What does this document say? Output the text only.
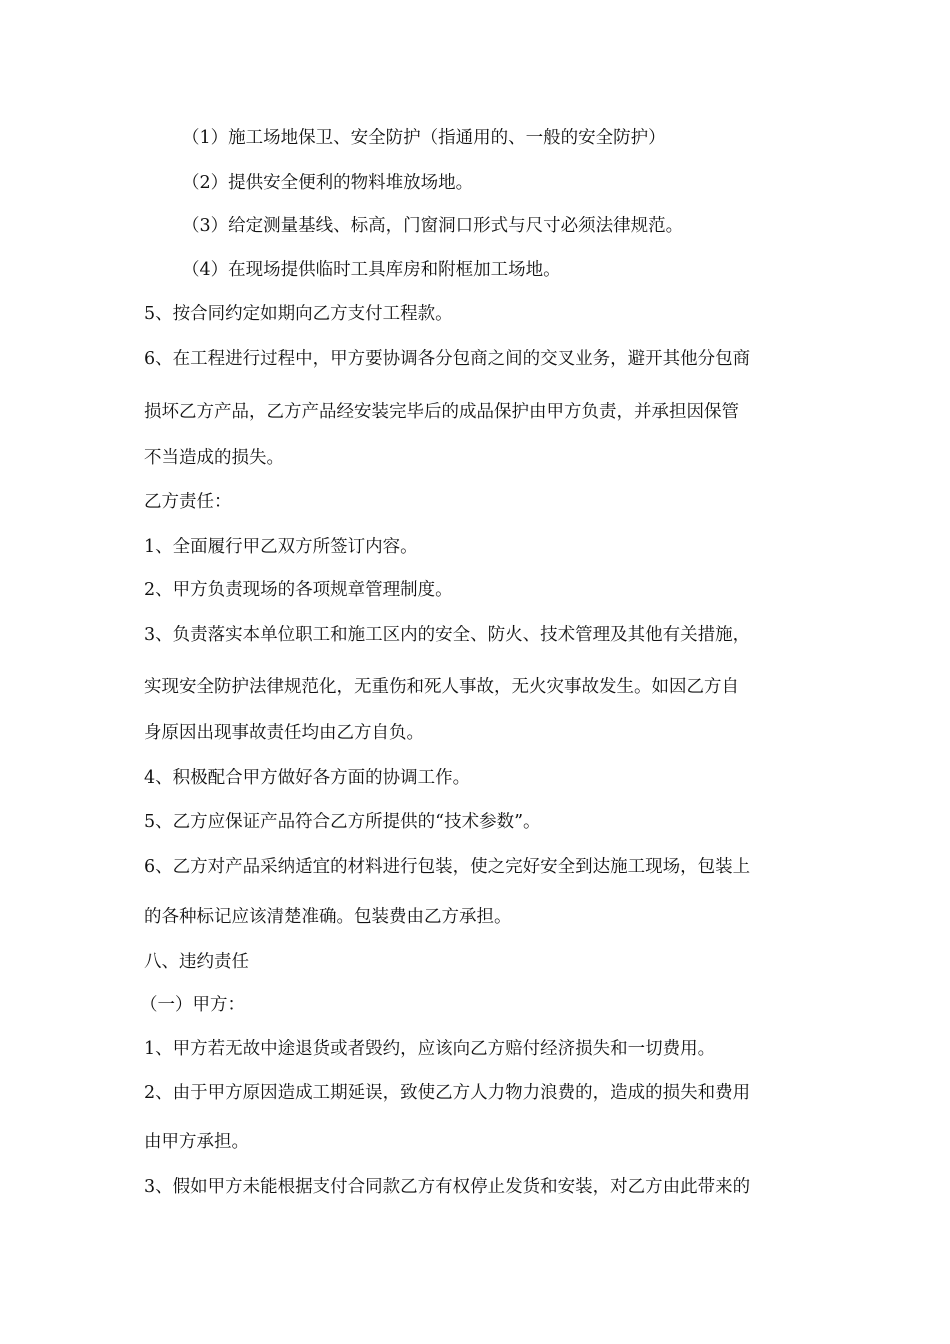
（1）施工场地保卫、安全防护（指通用的、一般的安全防护）
（2）提供安全便利的物料堆放场地。
（3）给定测量基线、标高，门窗洞口形式与尺寸必须法律规范。
（4）在现场提供临时工具库房和附框加工场地。
5、按合同约定如期向乙方支付工程款。
6、在工程进行过程中，甲方要协调各分包商之间的交叉业务，避开其他分包商
损坏乙方产品，乙方产品经安装完毕后的成品保护由甲方负责，并承担因保管
不当造成的损失。
乙方责任：
1、全面履行甲乙双方所签订内容。
2、甲方负责现场的各项规章管理制度。
3、负责落实本单位职工和施工区内的安全、防火、技术管理及其他有关措施，
实现安全防护法律规范化，无重伤和死人事故，无火灾事故发生。如因乙方自
身原因出现事故责任均由乙方自负。
4、积极配合甲方做好各方面的协调工作。
5、乙方应保证产品符合乙方所提供的“技术参数”。
6、乙方对产品采纳适宜的材料进行包装，使之完好安全到达施工现场，包装上
的各种标记应该清楚准确。包装费由乙方承担。
八、违约责任
（一）甲方：
1、甲方若无故中途退货或者毁约，应该向乙方赔付经济损失和一切费用。
2、由于甲方原因造成工期延误，致使乙方人力物力浪费的，造成的损失和费用
由甲方承担。
3、假如甲方未能根据支付合同款乙方有权停止发货和安装，对乙方由此带来的
